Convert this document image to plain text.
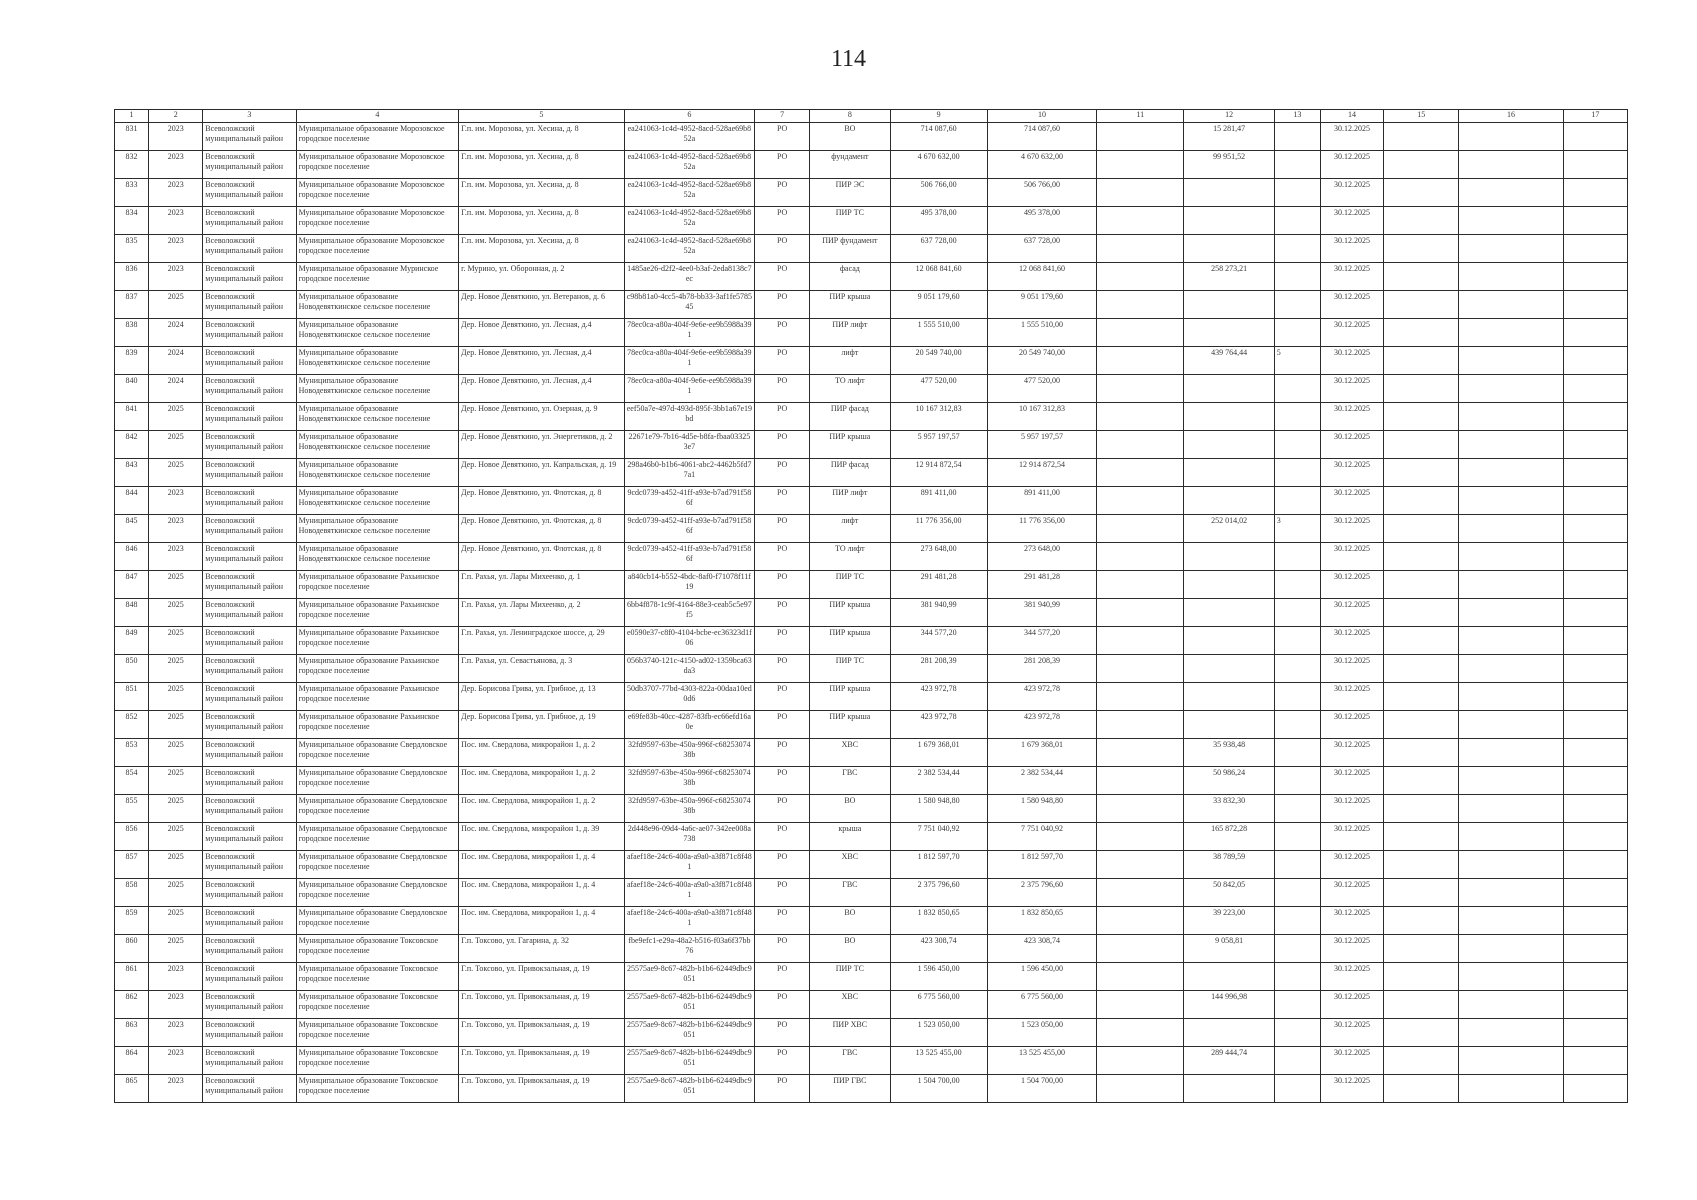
114
1	2	3	4	5	6	7	8	9	10	11	12	13	14	15	16	17
831	2023	Всеволожский муниципальный район	Муниципальное образование Морозовское городское поселение	Г.п. им. Морозова, ул. Хесина, д. 8	ea241063-1c4d-4952-8acd-528ae69b852a	РО	ВО	714 087,60	714 087,60		15 281,47		30.12.2025			
832	2023	Всеволожский муниципальный район	Муниципальное образование Морозовское городское поселение	Г.п. им. Морозова, ул. Хесина, д. 8	ea241063-1c4d-4952-8acd-528ae69b852a	РО	фундамент	4 670 632,00	4 670 632,00		99 951,52		30.12.2025			
833	2023	Всеволожский муниципальный район	Муниципальное образование Морозовское городское поселение	Г.п. им. Морозова, ул. Хесина, д. 8	ea241063-1c4d-4952-8acd-528ae69b852a	РО	ПИР ЭС	506 766,00	506 766,00				30.12.2025			
834	2023	Всеволожский муниципальный район	Муниципальное образование Морозовское городское поселение	Г.п. им. Морозова, ул. Хесина, д. 8	ea241063-1c4d-4952-8acd-528ae69b852a	РО	ПИР ТС	495 378,00	495 378,00				30.12.2025			
835	2023	Всеволожский муниципальный район	Муниципальное образование Морозовское городское поселение	Г.п. им. Морозова, ул. Хесина, д. 8	ea241063-1c4d-4952-8acd-528ae69b852a	РО	ПИР фундамент	637 728,00	637 728,00				30.12.2025			
836	2023	Всеволожский муниципальный район	Муниципальное образование Муринское городское поселение	г. Мурино, ул. Оборонная, д. 2	1485ae26-d2f2-4ee0-b3af-2eda8138c7ec	РО	фасад	12 068 841,60	12 068 841,60		258 273,21		30.12.2025			
837	2025	Всеволожский муниципальный район	Муниципальное образование Новодевяткинское сельское поселение	Дер. Новое Девяткино, ул. Ветеранов, д. 6	c98b81a0-4cc5-4b78-bb33-3af1fe578545	РО	ПИР крыша	9 051 179,60	9 051 179,60				30.12.2025			
838	2024	Всеволожский муниципальный район	Муниципальное образование Новодевяткинское сельское поселение	Дер. Новое Девяткино, ул. Лесная, д.4	78ec0ca-a80a-404f-9e6e-ee9b5988a391	РО	ПИР лифт	1 555 510,00	1 555 510,00				30.12.2025			
839	2024	Всеволожский муниципальный район	Муниципальное образование Новодевяткинское сельское поселение	Дер. Новое Девяткино, ул. Лесная, д.4	78ec0ca-a80a-404f-9e6e-ee9b5988a391	РО	лифт	20 549 740,00	20 549 740,00		439 764,44	5	30.12.2025			
840	2024	Всеволожский муниципальный район	Муниципальное образование Новодевяткинское сельское поселение	Дер. Новое Девяткино, ул. Лесная, д.4	78ec0ca-a80a-404f-9e6e-ee9b5988a391	РО	ТО лифт	477 520,00	477 520,00				30.12.2025			
841	2025	Всеволожский муниципальный район	Муниципальное образование Новодевяткинское сельское поселение	Дер. Новое Девяткино, ул. Озерная, д. 9	eef50a7e-497d-493d-895f-3bb1a67e19bd	РО	ПИР фасад	10 167 312,83	10 167 312,83				30.12.2025			
842	2025	Всеволожский муниципальный район	Муниципальное образование Новодевяткинское сельское поселение	Дер. Новое Девяткино, ул. Энергетиков, д. 2	22671e79-7b16-4d5e-b8fa-fbaa033253e7	РО	ПИР крыша	5 957 197,57	5 957 197,57				30.12.2025			
843	2025	Всеволожский муниципальный район	Муниципальное образование Новодевяткинское сельское поселение	Дер. Новое Девяткино, ул. Капральская, д. 19	298a46b0-b1b6-4061-abc2-4462b5fd77a1	РО	ПИР фасад	12 914 872,54	12 914 872,54				30.12.2025			
844	2023	Всеволожский муниципальный район	Муниципальное образование Новодевяткинское сельское поселение	Дер. Новое Девяткино, ул. Флотская, д. 8	9cdc0739-a452-41ff-a93e-b7ad791f586f	РО	ПИР лифт	891 411,00	891 411,00				30.12.2025			
845	2023	Всеволожский муниципальный район	Муниципальное образование Новодевяткинское сельское поселение	Дер. Новое Девяткино, ул. Флотская, д. 8	9cdc0739-a452-41ff-a93e-b7ad791f586f	РО	лифт	11 776 356,00	11 776 356,00		252 014,02	3	30.12.2025			
846	2023	Всеволожский муниципальный район	Муниципальное образование Новодевяткинское сельское поселение	Дер. Новое Девяткино, ул. Флотская, д. 8	9cdc0739-a452-41ff-a93e-b7ad791f586f	РО	ТО лифт	273 648,00	273 648,00				30.12.2025			
847	2025	Всеволожский муниципальный район	Муниципальное образование Рахьинское городское поселение	Г.п. Рахья, ул. Лары Михеенко, д. 1	a840cb14-b552-4bdc-8af0-f71078f11f19	РО	ПИР ТС	291 481,28	291 481,28				30.12.2025			
848	2025	Всеволожский муниципальный район	Муниципальное образование Рахьинское городское поселение	Г.п. Рахья, ул. Лары Михеенко, д. 2	6bb4f878-1c9f-4164-88e3-ceab5c5e97f5	РО	ПИР крыша	381 940,99	381 940,99				30.12.2025			
849	2025	Всеволожский муниципальный район	Муниципальное образование Рахьинское городское поселение	Г.п. Рахья, ул. Ленинградское шоссе, д. 29	e0590e37-c8f0-4104-bcbe-ec36323d1f06	РО	ПИР крыша	344 577,20	344 577,20				30.12.2025			
850	2025	Всеволожский муниципальный район	Муниципальное образование Рахьинское городское поселение	Г.п. Рахья, ул. Севастьянова, д. 3	056b3740-121c-4150-ad02-1359bca63da3	РО	ПИР ТС	281 208,39	281 208,39				30.12.2025			
851	2025	Всеволожский муниципальный район	Муниципальное образование Рахьинское городское поселение	Дер. Борисова Грива, ул. Грибное, д. 13	50db3707-77bd-4303-822a-00daa10ed0d6	РО	ПИР крыша	423 972,78	423 972,78				30.12.2025			
852	2025	Всеволожский муниципальный район	Муниципальное образование Рахьинское городское поселение	Дер. Борисова Грива, ул. Грибное, д. 19	e69fe83b-40cc-4287-83fb-ec66efd16a0e	РО	ПИР крыша	423 972,78	423 972,78				30.12.2025			
853	2025	Всеволожский муниципальный район	Муниципальное образование Свердловское городское поселение	Пос. им. Свердлова, микрорайон 1, д. 2	32fd9597-63be-450a-996f-c6825307438b	РО	ХВС	1 679 368,01	1 679 368,01		35 938,48		30.12.2025			
854	2025	Всеволожский муниципальный район	Муниципальное образование Свердловское городское поселение	Пос. им. Свердлова, микрорайон 1, д. 2	32fd9597-63be-450a-996f-c6825307438b	РО	ГВС	2 382 534,44	2 382 534,44		50 986,24		30.12.2025			
855	2025	Всеволожский муниципальный район	Муниципальное образование Свердловское городское поселение	Пос. им. Свердлова, микрорайон 1, д. 2	32fd9597-63be-450a-996f-c6825307438b	РО	ВО	1 580 948,80	1 580 948,80		33 832,30		30.12.2025			
856	2025	Всеволожский муниципальный район	Муниципальное образование Свердловское городское поселение	Пос. им. Свердлова, микрорайон 1, д. 39	2d448e96-09d4-4a6c-ae07-342ee008a738	РО	крыша	7 751 040,92	7 751 040,92		165 872,28		30.12.2025			
857	2025	Всеволожский муниципальный район	Муниципальное образование Свердловское городское поселение	Пос. им. Свердлова, микрорайон 1, д. 4	afaef18e-24c6-400a-a9a0-a3f871c8f481	РО	ХВС	1 812 597,70	1 812 597,70		38 789,59		30.12.2025			
858	2025	Всеволожский муниципальный район	Муниципальное образование Свердловское городское поселение	Пос. им. Свердлова, микрорайон 1, д. 4	afaef18e-24c6-400a-a9a0-a3f871c8f481	РО	ГВС	2 375 796,60	2 375 796,60		50 842,05		30.12.2025			
859	2025	Всеволожский муниципальный район	Муниципальное образование Свердловское городское поселение	Пос. им. Свердлова, микрорайон 1, д. 4	afaef18e-24c6-400a-a9a0-a3f871c8f481	РО	ВО	1 832 850,65	1 832 850,65		39 223,00		30.12.2025			
860	2025	Всеволожский муниципальный район	Муниципальное образование Токсовское городское поселение	Г.п. Токсово, ул. Гагарина, д. 32	fbe9efc1-e29a-48a2-b516-f03a6f37bb76	РО	ВО	423 308,74	423 308,74		9 058,81		30.12.2025			
861	2023	Всеволожский муниципальный район	Муниципальное образование Токсовское городское поселение	Г.п. Токсово, ул. Привокзальная, д. 19	25575ae9-8c67-482b-b1b6-62449dbc9051	РО	ПИР ТС	1 596 450,00	1 596 450,00				30.12.2025			
862	2023	Всеволожский муниципальный район	Муниципальное образование Токсовское городское поселение	Г.п. Токсово, ул. Привокзальная, д. 19	25575ae9-8c67-482b-b1b6-62449dbc9051	РО	ХВС	6 775 560,00	6 775 560,00		144 996,98		30.12.2025			
863	2023	Всеволожский муниципальный район	Муниципальное образование Токсовское городское поселение	Г.п. Токсово, ул. Привокзальная, д. 19	25575ae9-8c67-482b-b1b6-62449dbc9051	РО	ПИР ХВС	1 523 050,00	1 523 050,00				30.12.2025			
864	2023	Всеволожский муниципальный район	Муниципальное образование Токсовское городское поселение	Г.п. Токсово, ул. Привокзальная, д. 19	25575ae9-8c67-482b-b1b6-62449dbc9051	РО	ГВС	13 525 455,00	13 525 455,00		289 444,74		30.12.2025			
865	2023	Всеволожский муниципальный район	Муниципальное образование Токсовское городское поселение	Г.п. Токсово, ул. Привокзальная, д. 19	25575ae9-8c67-482b-b1b6-62449dbc9051	РО	ПИР ГВС	1 504 700,00	1 504 700,00				30.12.2025			
